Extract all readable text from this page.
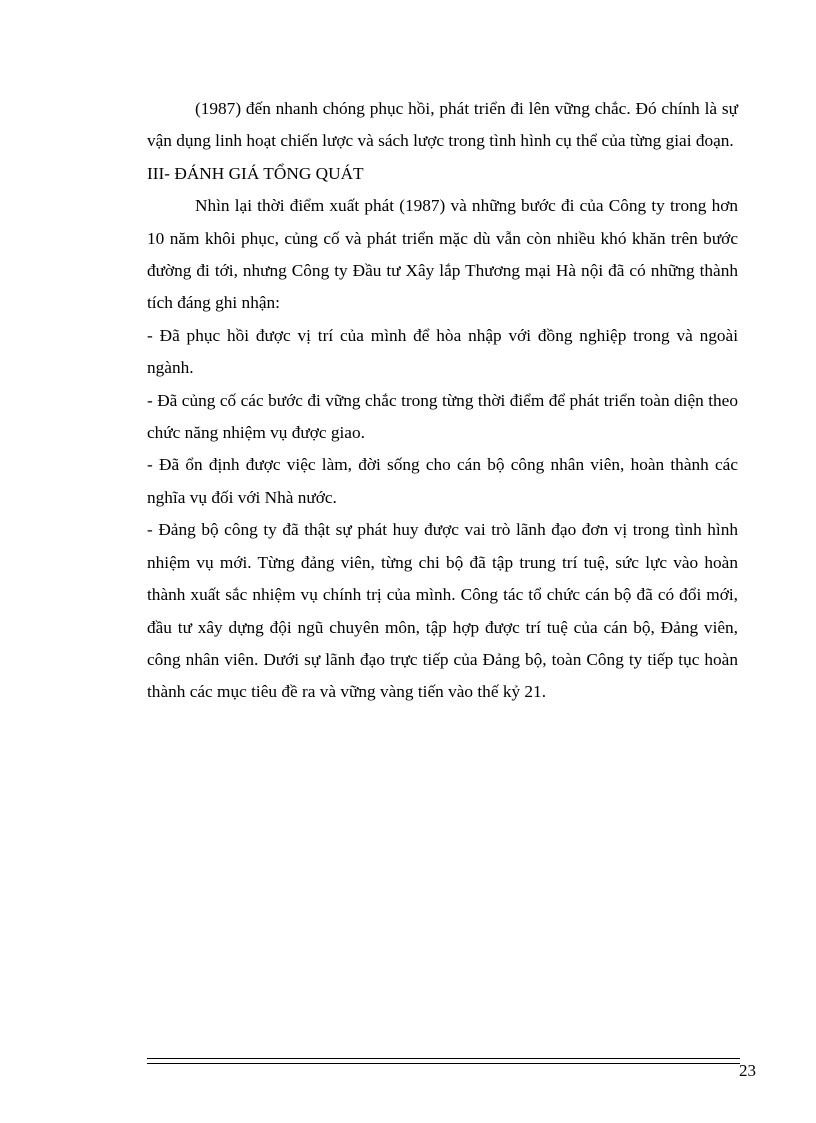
(1987) đến nhanh chóng phục hồi, phát triển đi lên vững chắc. Đó chính là sự vận dụng linh hoạt chiến lược và sách lược trong tình hình cụ thể của từng giai đoạn.

III- ĐÁNH GIÁ TỔNG QUÁT

Nhìn lại thời điểm xuất phát (1987) và những bước đi của Công ty trong hơn 10 năm khôi phục, củng cố và phát triển mặc dù vẫn còn nhiều khó khăn trên bước đường đi tới, nhưng Công ty Đầu tư Xây lắp Thương mại Hà nội đã có những thành tích đáng ghi nhận:

- Đã phục hồi được vị trí của mình để hòa nhập với đồng nghiệp trong và ngoài ngành.

- Đã củng cố các bước đi vững chắc trong từng thời điểm để phát triển toàn diện theo chức năng nhiệm vụ được giao.

- Đã ổn định được việc làm, đời sống cho cán bộ công nhân viên, hoàn thành các nghĩa vụ đối với Nhà nước.

- Đảng bộ công ty đã thật sự phát huy được vai trò lãnh đạo đơn vị trong tình hình nhiệm vụ mới. Từng đảng viên, từng chi bộ đã tập trung trí tuệ, sức lực vào hoàn thành xuất sắc nhiệm vụ chính trị của mình. Công tác tổ chức cán bộ đã có đổi mới, đầu tư xây dựng đội ngũ chuyên môn, tập hợp được trí tuệ của cán bộ, Đảng viên, công nhân viên. Dưới sự lãnh đạo trực tiếp của Đảng bộ, toàn Công ty tiếp tục hoàn thành các mục tiêu đề ra và vững vàng tiến vào thế kỷ 21.

23
